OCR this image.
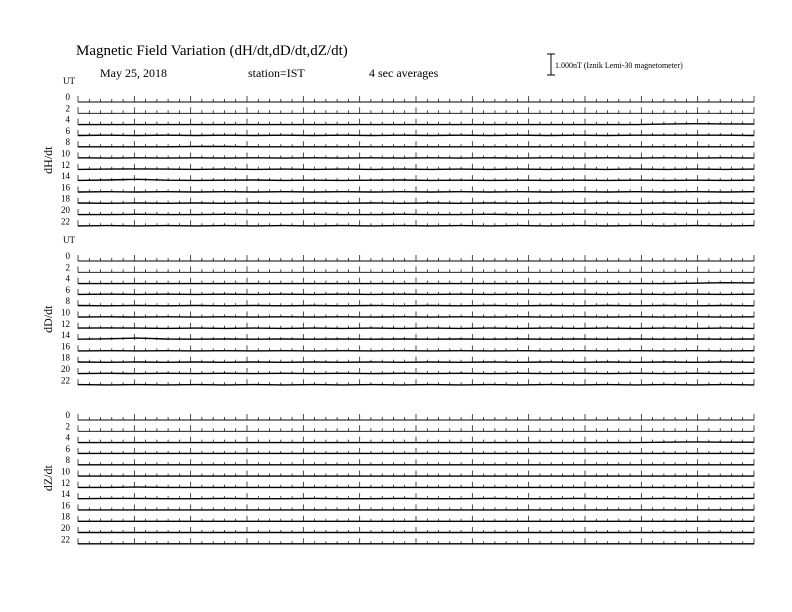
Magnetic Field Variation (dH/dt,dD/dt,dZ/dt)
May 25, 2018	station=IST	4 sec averages
1.000nT (Iznik Lemi-30 magnetometer)
UT
dH/dt
0
2
4
6
8
10
12
14
16
18
20
22
UT
dD/dt
0
2
4
6
8
10
12
14
16
18
20
22
dZ/dt
0
2
4
6
8
10
12
14
16
18
20
22
